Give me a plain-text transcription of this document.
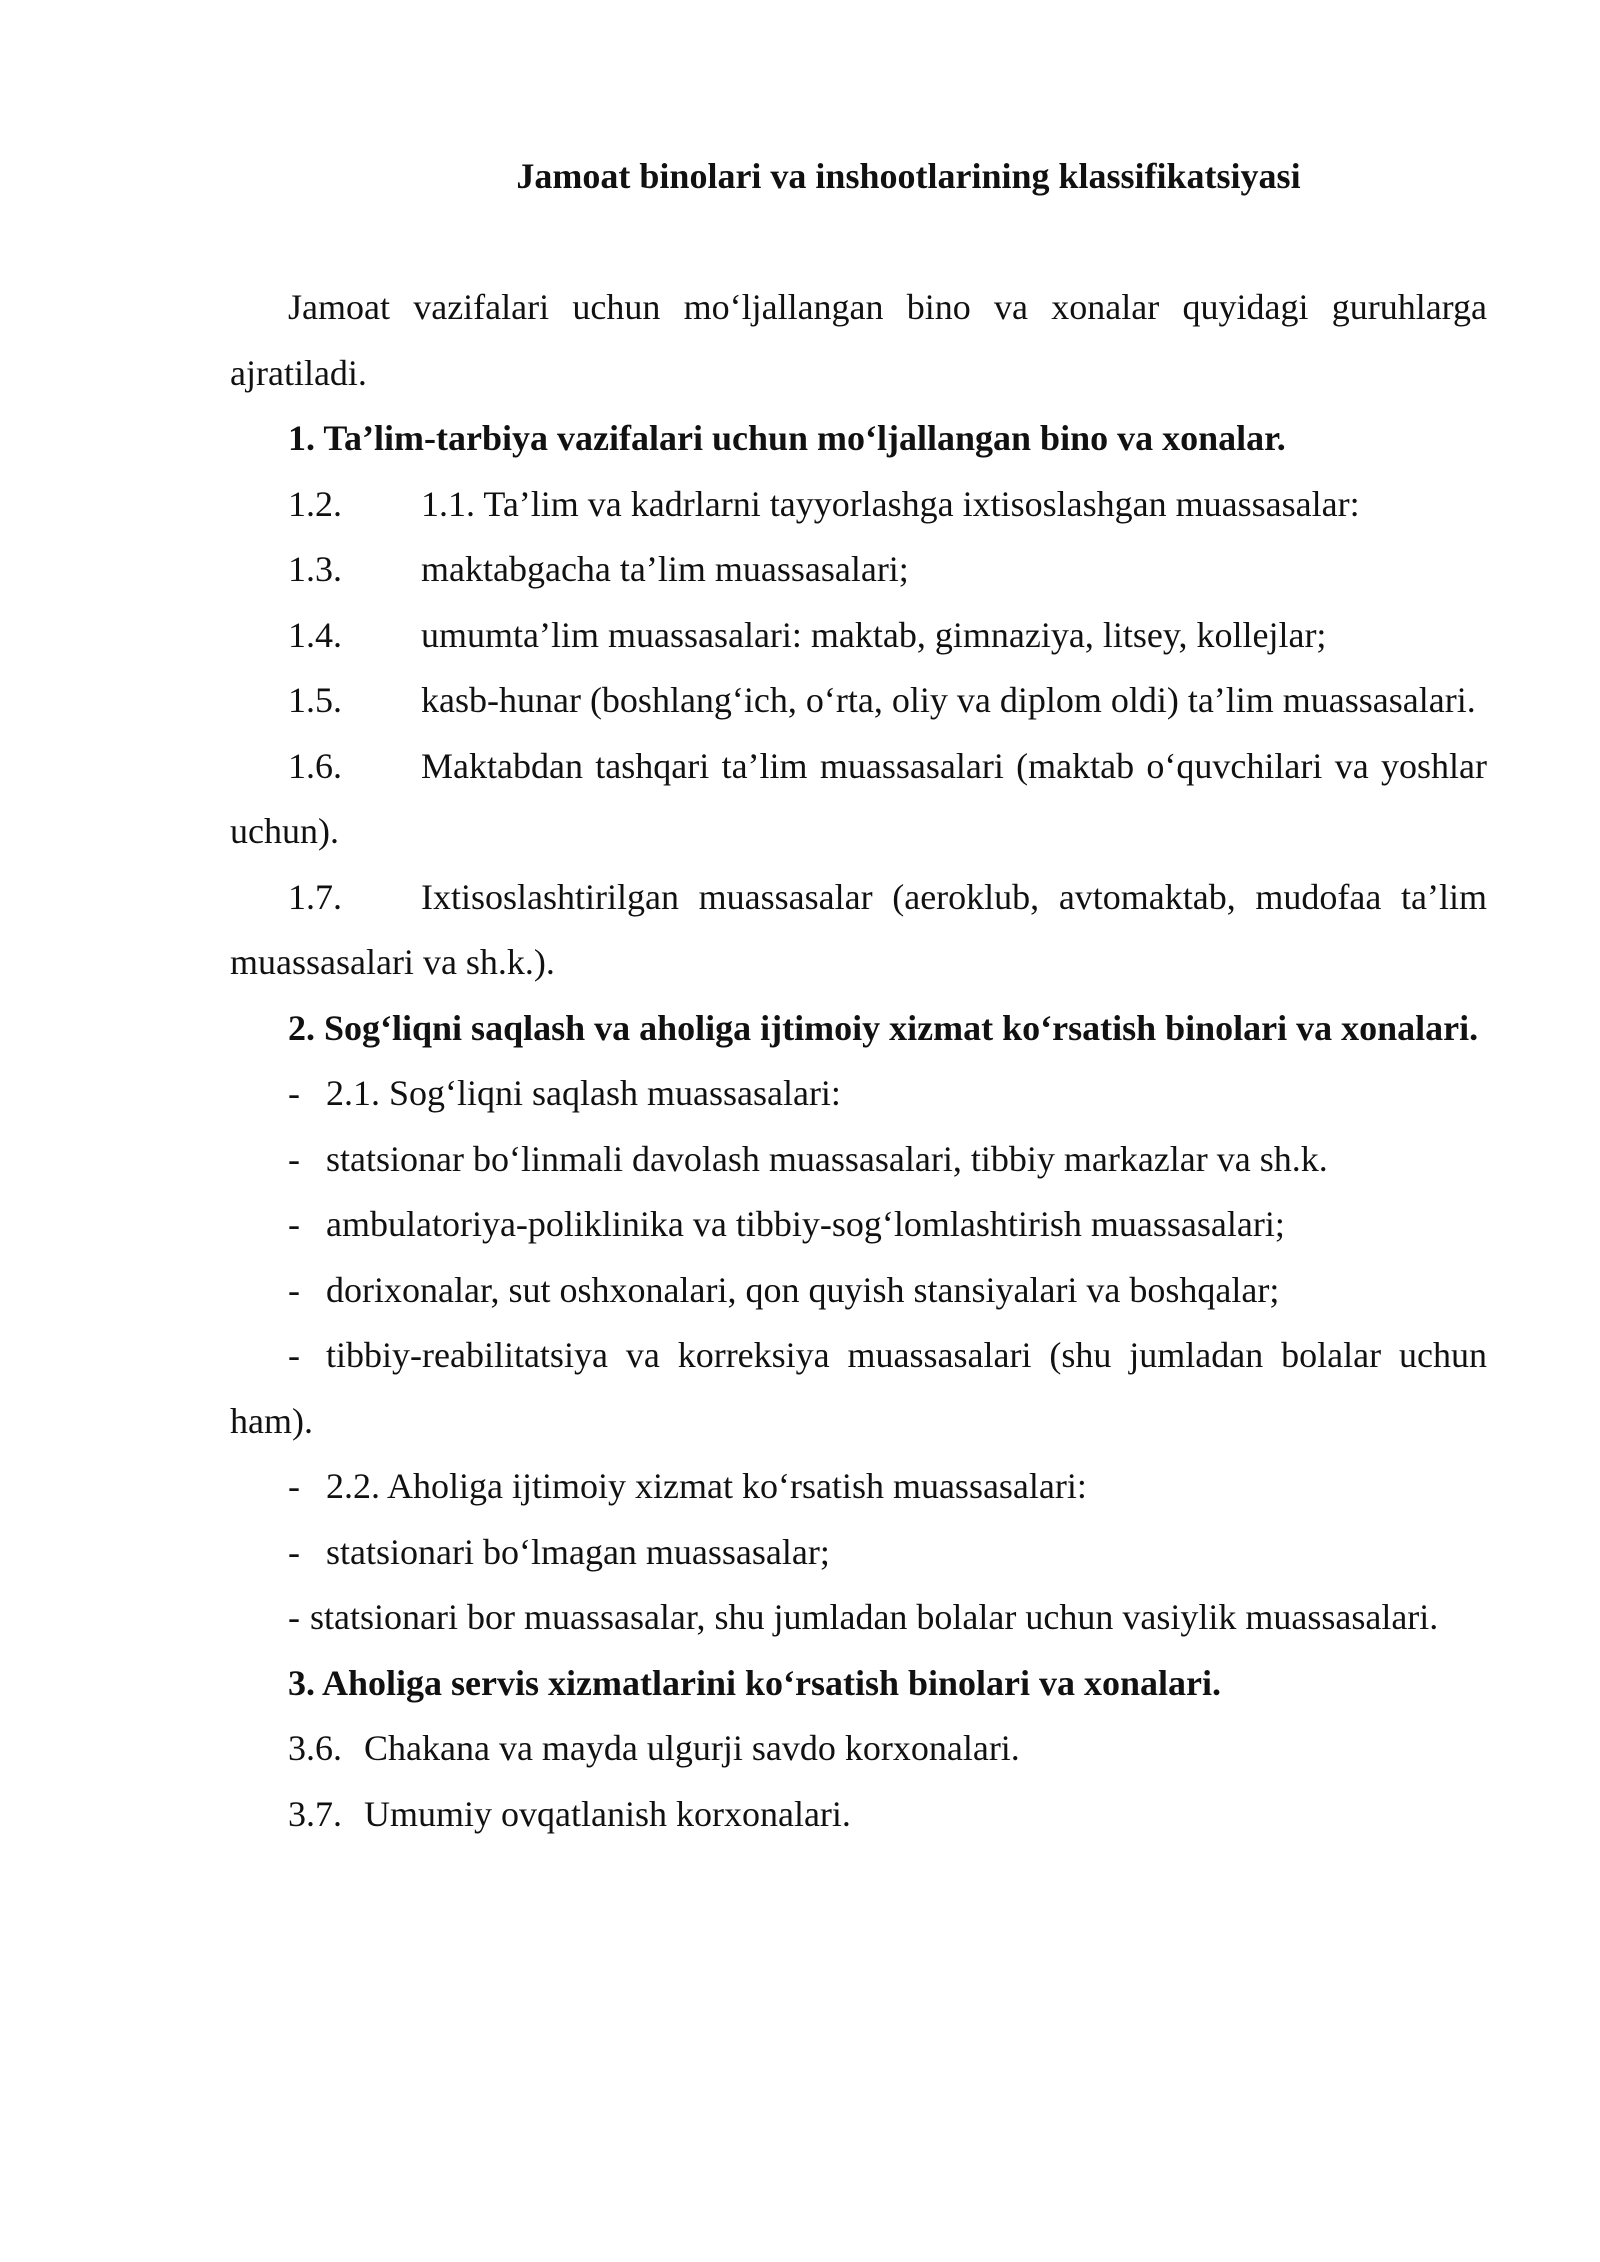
Jamoat binolari va inshootlarining klassifikatsiyasi

Jamoat vazifalari uchun mo‘ljallangan bino va xonalar quyidagi guruhlarga ajratiladi.

1. Ta’lim-tarbiya vazifalari uchun mo‘ljallangan bino va xonalar.

1.2. 1.1. Ta’lim va kadrlarni tayyorlashga ixtisoslashgan muassasalar:

1.3. maktabgacha ta’lim muassasalari;

1.4. umumta’lim muassasalari: maktab, gimnaziya, litsey, kollejlar;

1.5. kasb-hunar (boshlang‘ich, o‘rta, oliy va diplom oldi) ta’lim muassasalari.

1.6. Maktabdan tashqari ta’lim muassasalari (maktab o‘quvchilari va yoshlar uchun).

1.7. Ixtisoslashtirilgan muassasalar (aeroklub, avtomaktab, mudofaa ta’lim muassasalari va sh.k.).

2. Sog‘liqni saqlash va aholiga ijtimoiy xizmat ko‘rsatish binolari va xonalari.

- 2.1. Sog‘liqni saqlash muassasalari:

- statsionar bo‘linmali davolash muassasalari, tibbiy markazlar va sh.k.

- ambulatoriya-poliklinika va tibbiy-sog‘lomlashtirish muassasalari;

- dorixonalar, sut oshxonalari, qon quyish stansiyalari va boshqalar;

- tibbiy-reabilitatsiya va korreksiya muassasalari (shu jumladan bolalar uchun ham).

- 2.2. Aholiga ijtimoiy xizmat ko‘rsatish muassasalari:

- statsionari bo‘lmagan muassasalar;

- statsionari bor muassasalar, shu jumladan bolalar uchun vasiylik muassasalari.

3. Aholiga servis xizmatlarini ko‘rsatish binolari va xonalari.

3.6. Chakana va mayda ulgurji savdo korxonalari.

3.7. Umumiy ovqatlanish korxonalari.
